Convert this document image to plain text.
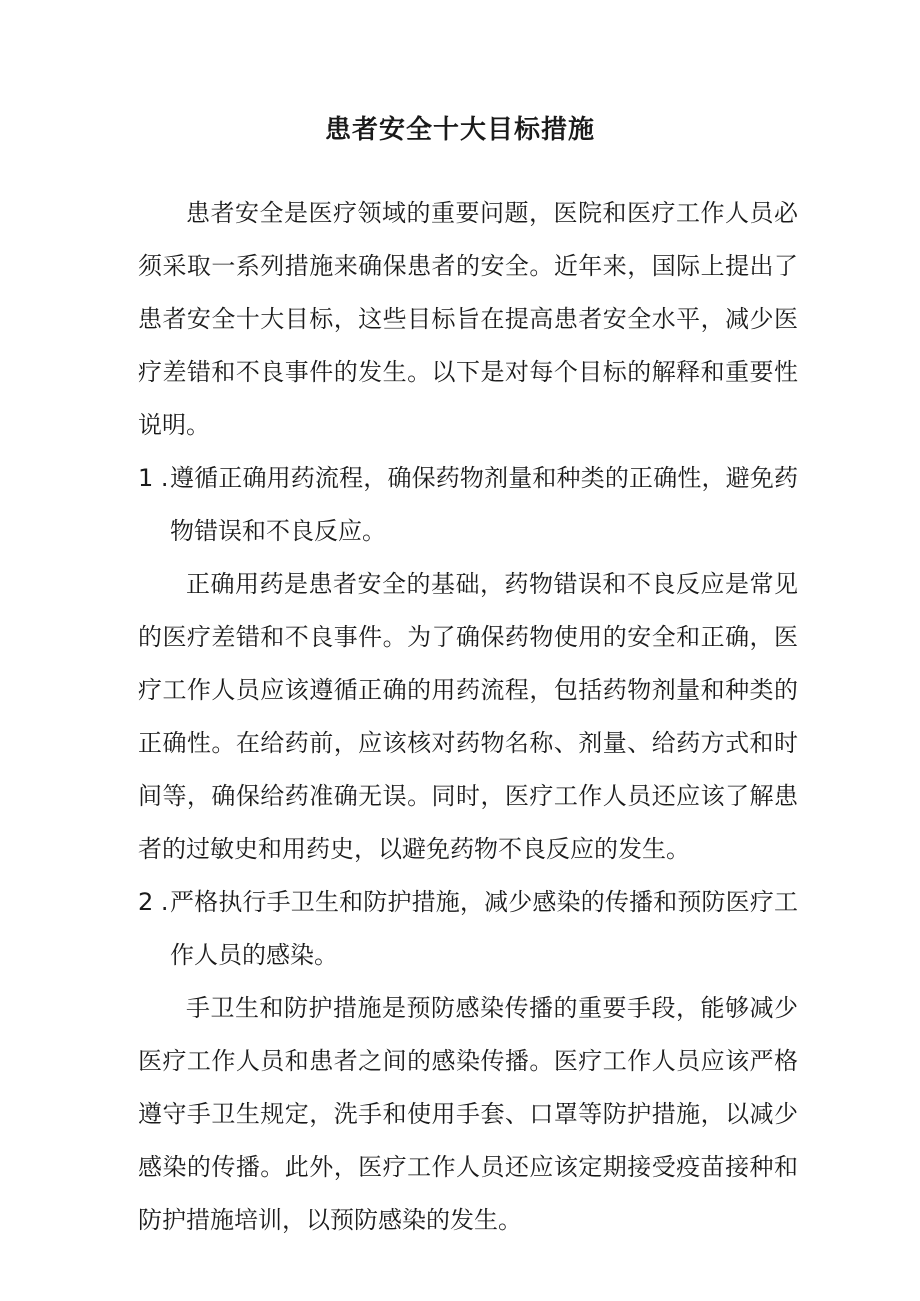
患者安全十大目标措施

患者安全是医疗领域的重要问题，医院和医疗工作人员必须采取一系列措施来确保患者的安全。近年来，国际上提出了患者安全十大目标，这些目标旨在提高患者安全水平，减少医疗差错和不良事件的发生。以下是对每个目标的解释和重要性说明。

1 . 遵循正确用药流程，确保药物剂量和种类的正确性，避免药物错误和不良反应。

正确用药是患者安全的基础，药物错误和不良反应是常见的医疗差错和不良事件。为了确保药物使用的安全和正确，医疗工作人员应该遵循正确的用药流程，包括药物剂量和种类的正确性。在给药前，应该核对药物名称、剂量、给药方式和时间等，确保给药准确无误。同时，医疗工作人员还应该了解患者的过敏史和用药史，以避免药物不良反应的发生。

2 . 严格执行手卫生和防护措施，减少感染的传播和预防医疗工作人员的感染。

手卫生和防护措施是预防感染传播的重要手段，能够减少医疗工作人员和患者之间的感染传播。医疗工作人员应该严格遵守手卫生规定，洗手和使用手套、口罩等防护措施，以减少感染的传播。此外，医疗工作人员还应该定期接受疫苗接种和防护措施培训，以预防感染的发生。
